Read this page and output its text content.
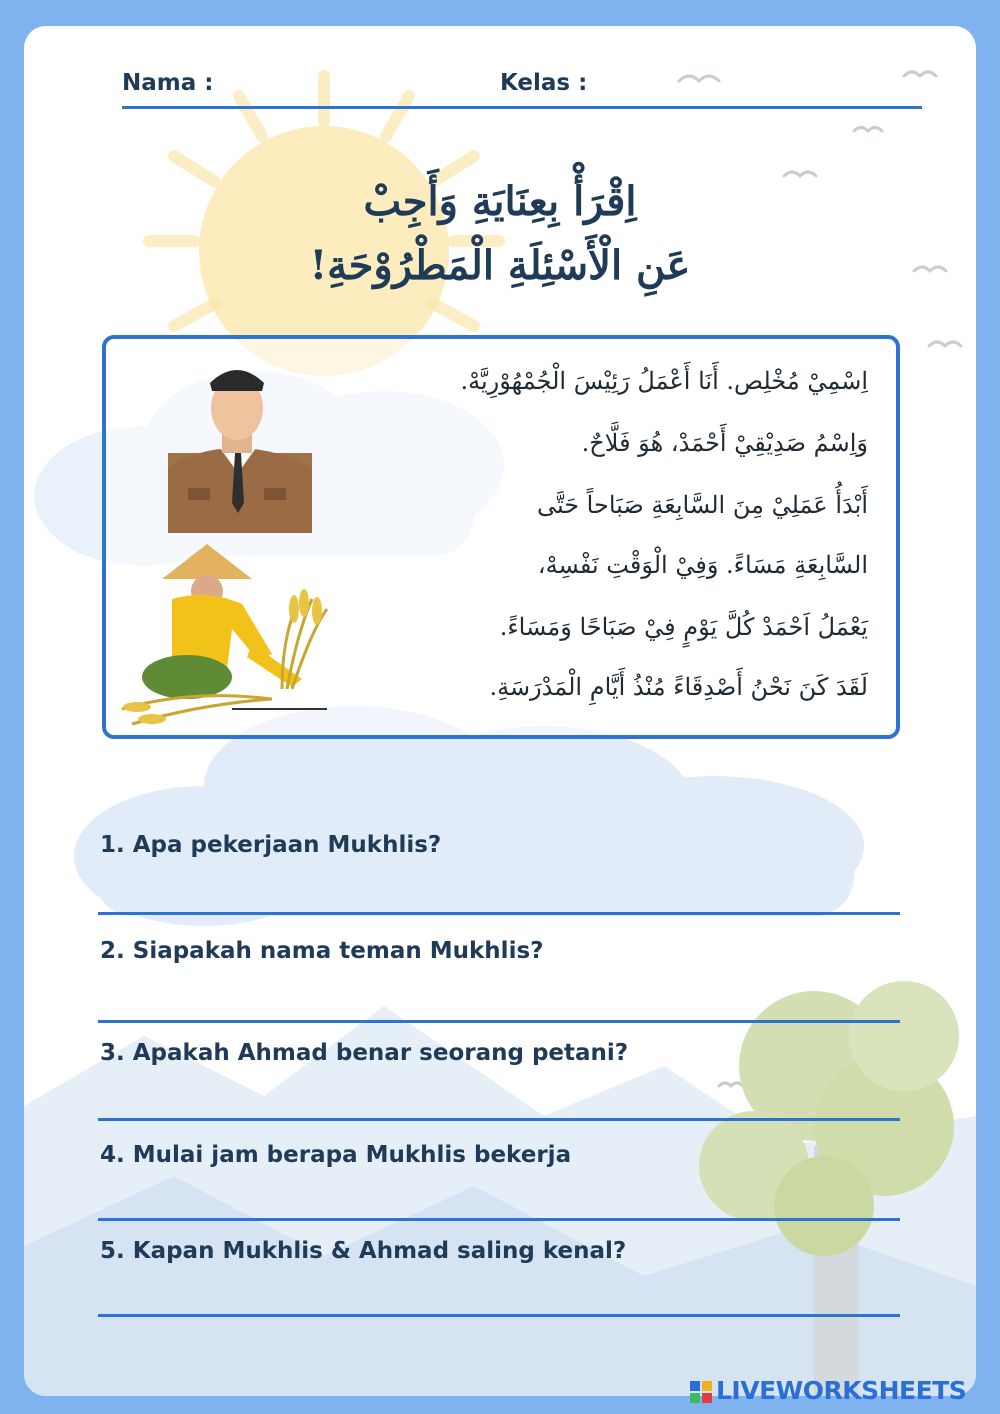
Nama :	Kelas :
اِقْرَأْ بِعِنَايَةِ وَأَجِبْ
عَنِ الْأَسْئِلَةِ الْمَطْرُوْحَةِ!
اِسْمِيْ مُخْلِص. أَنَا أَعْمَلُ رَئِيْسَ الْجُمْهُوْرِيَّهْ.
وَاِسْمُ صَدِيْقِيْ أَحْمَدْ، هُوَ فَلَّاحٌ.
أَبْدَأُ عَمَلِيْ مِنَ السَّابِعَةِ صَبَاحاً حَتَّى
السَّابِعَةِ مَسَاءً. وَفِيْ الْوَقْتِ نَفْسِهْ،
يَعْمَلُ اَحْمَدْ كُلَّ يَوْمٍ فِيْ صَبَاحًا وَمَسَاءً.
لَقَدَ كَنَ نَحْنُ أَصْدِقَاءً مُنْذُ أَيَّامِ الْمَدْرَسَةِ.
1. Apa pekerjaan Mukhlis?
2. Siapakah nama teman Mukhlis?
3. Apakah Ahmad benar seorang petani?
4. Mulai jam berapa Mukhlis bekerja
5. Kapan Mukhlis & Ahmad saling kenal?
LIVEWORKSHEETS
